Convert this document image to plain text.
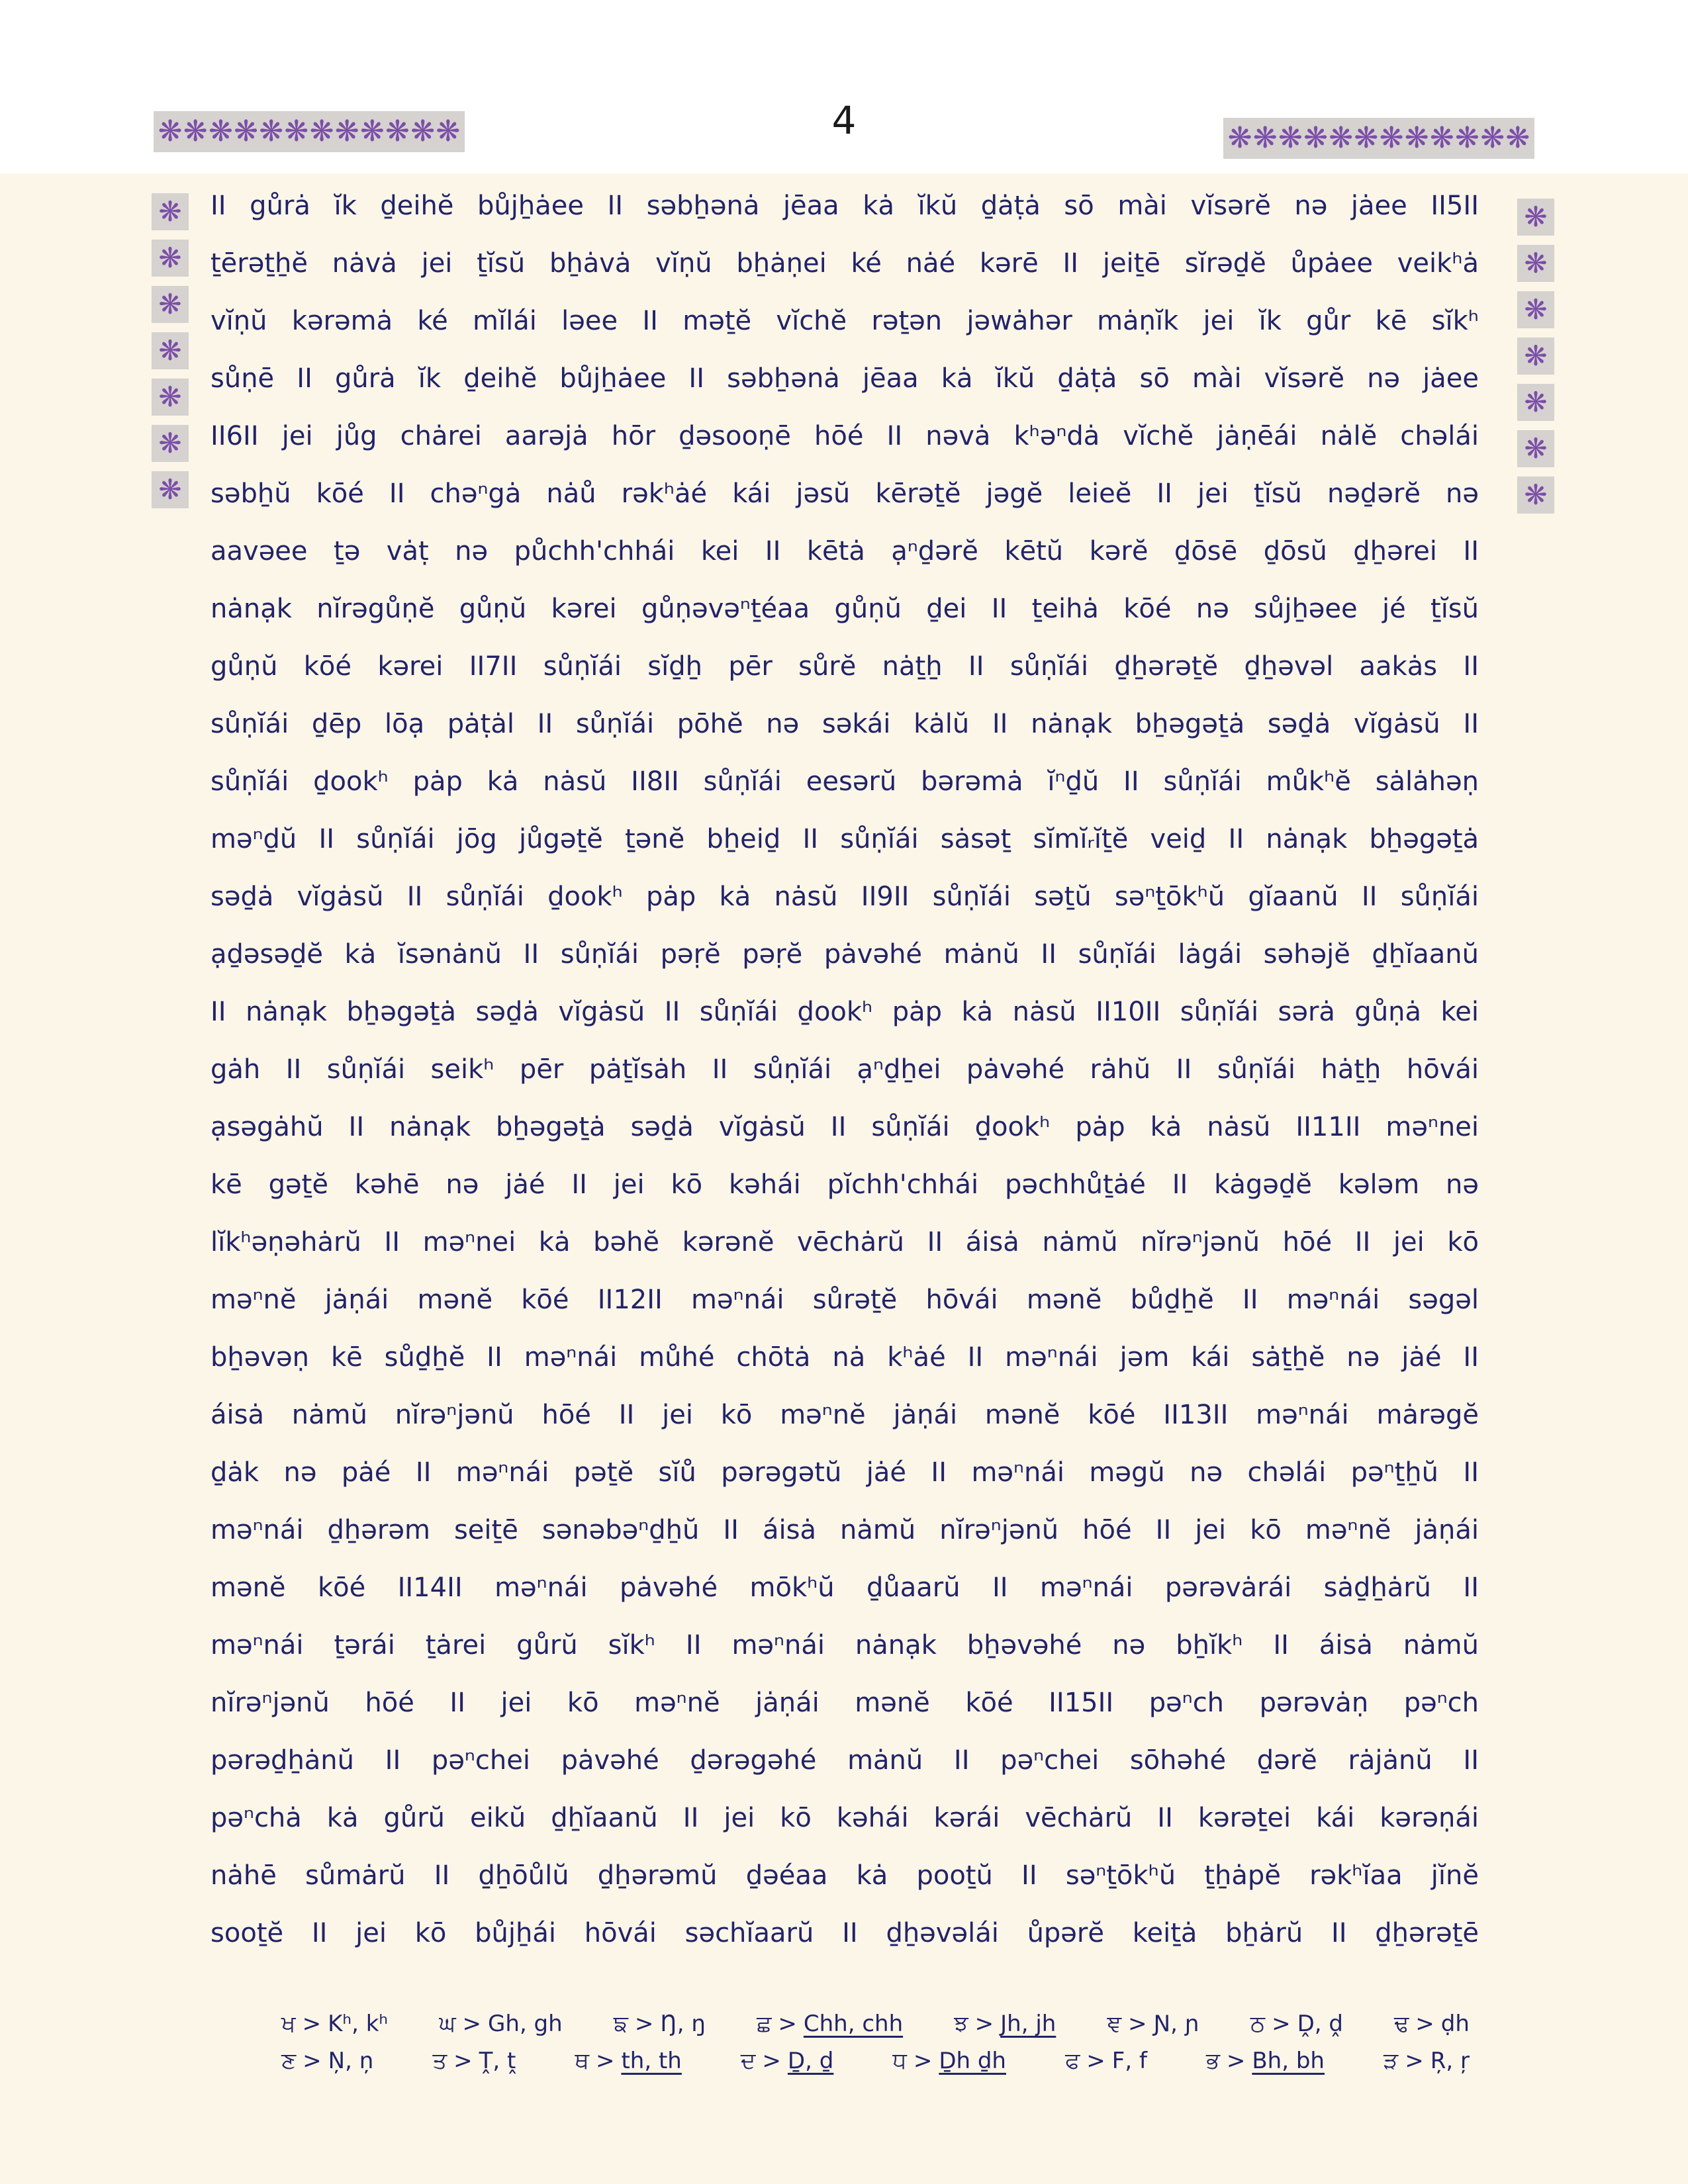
❋ ❋ ❋ ❋ ❋ ❋ ❋ ❋ ❋ ❋ ❋ ❋	❋ ❋ ❋ ❋ ❋ ❋ ❋ ❋ ❋ ❋ ❋ ❋
❋
❋
❋
❋
❋
❋
❋
❋
❋
❋
❋
❋
❋
❋
4
II gůrȧ ĭk ḏeihĕ bůjẖȧee II səbẖənȧ jēaa kȧ ĭkŭ ḏȧṭȧ sō mài vĭsərĕ nə jȧee II5II
ṯērəṯẖĕ nȧvȧ jei ṯĭsŭ bẖȧvȧ vĭṇŭ bẖȧṇei ké nȧé kərē II jeiṯē sĭrəḏĕ ůpȧee veikʰȧ
vĭṇŭ kərəmȧ ké mĭlái ləee II məṯĕ vĭchĕ rəṯən jəwȧhər mȧṇĭk jei ĭk gůr kē sĭkʰ
sůṇē II gůrȧ ĭk ḏeihĕ bůjẖȧee II səbẖənȧ jēaa kȧ ĭkŭ ḏȧṭȧ sō mài vĭsərĕ nə jȧee
II6II jei jůg chȧrei aarəjȧ hōr ḏəsooṇē hōé II nəvȧ kʰəⁿdȧ vĭchĕ jȧṇēái nȧlĕ chəlái
səbẖŭ kōé II chəⁿgȧ nȧů rəkʰȧé kái jəsŭ kērəṯĕ jəgĕ leieĕ II jei ṯĭsŭ nəḏərĕ nə
aavəee ṯə vȧṭ nə půchh'chhái kei II kētȧ ạⁿḏərĕ kētŭ kərĕ ḏōsē ḏōsŭ ḏẖərei II
nȧnạk nĭrəgůṇĕ gůṇŭ kərei gůṇəvəⁿṯéaa gůṇŭ ḏei II ṯeihȧ kōé nə sůjẖəee jé ṯĭsŭ
gůṇŭ kōé kərei II7II sůṇĭái sĭḏẖ pēr sůrĕ nȧṯẖ II sůṇĭái ḏẖərəṯĕ ḏẖəvəl aakȧs II
sůṇĭái ḏēp lōạ pȧṭȧl II sůṇĭái pōhĕ nə səkái kȧlŭ II nȧnạk bẖəgəṯȧ səḏȧ vĭgȧsŭ II
sůṇĭái ḏookʰ pȧp kȧ nȧsŭ II8II sůṇĭái eesərŭ bərəmȧ ĭⁿḏŭ II sůṇĭái můkʰĕ sȧlȧhəṇ
məⁿḏŭ II sůṇĭái jōg jůgəṯĕ ṯənĕ bẖeiḏ II sůṇĭái sȧsəṯ sĭmĭᵣĭṯĕ veiḏ II nȧnạk bẖəgəṯȧ
səḏȧ vĭgȧsŭ II sůṇĭái ḏookʰ pȧp kȧ nȧsŭ II9II sůṇĭái səṯŭ səⁿṯōkʰŭ gĭaanŭ II sůṇĭái
ạḏəsəḏĕ kȧ ĭsənȧnŭ II sůṇĭái pəṛĕ pəṛĕ pȧvəhé mȧnŭ II sůṇĭái lȧgái səhəjĕ ḏẖĭaanŭ
II nȧnạk bẖəgəṯȧ səḏȧ vĭgȧsŭ II sůṇĭái ḏookʰ pȧp kȧ nȧsŭ II10II sůṇĭái sərȧ gůṇȧ kei
gȧh II sůṇĭái seikʰ pēr pȧṯĭsȧh II sůṇĭái ạⁿḏẖei pȧvəhé rȧhŭ II sůṇĭái hȧṯẖ hōvái
ạsəgȧhŭ II nȧnạk bẖəgəṯȧ səḏȧ vĭgȧsŭ II sůṇĭái ḏookʰ pȧp kȧ nȧsŭ II11II məⁿnei
kē gəṯĕ kəhē nə jȧé II jei kō kəhái pĭchh'chhái pəchhůṯȧé II kȧgəḏĕ kələm nə
lĭkʰəṇəhȧrŭ II məⁿnei kȧ bəhĕ kərənĕ vēchȧrŭ II áisȧ nȧmŭ nĭrəⁿjənŭ hōé II jei kō
məⁿnĕ jȧṇái mənĕ kōé II12II məⁿnái sůrəṯĕ hōvái mənĕ bůḏẖĕ II məⁿnái səgəl
bẖəvəṇ kē sůḏẖĕ II məⁿnái můhé chōtȧ nȧ kʰȧé II məⁿnái jəm kái sȧṯẖĕ nə jȧé II
áisȧ nȧmŭ nĭrəⁿjənŭ hōé II jei kō məⁿnĕ jȧṇái mənĕ kōé II13II məⁿnái mȧrəgĕ
ḏȧk nə pȧé II məⁿnái pəṯĕ sĭů pərəgətŭ jȧé II məⁿnái məgŭ nə chəlái pəⁿṯẖŭ II
məⁿnái ḏẖərəm seiṯē sənəbəⁿḏẖŭ II áisȧ nȧmŭ nĭrəⁿjənŭ hōé II jei kō məⁿnĕ jȧṇái
mənĕ kōé II14II məⁿnái pȧvəhé mōkʰŭ ḏůaarŭ II məⁿnái pərəvȧrái sȧḏẖȧrŭ II
məⁿnái ṯərái ṯȧrei gůrŭ sĭkʰ II məⁿnái nȧnạk bẖəvəhé nə bẖĭkʰ II áisȧ nȧmŭ
nĭrəⁿjənŭ hōé II jei kō məⁿnĕ jȧṇái mənĕ kōé II15II pəⁿch pərəvȧṇ pəⁿch
pərəḏẖȧnŭ II pəⁿchei pȧvəhé ḏərəgəhé mȧnŭ II pəⁿchei sōhəhé ḏərĕ rȧjȧnŭ II
pəⁿchȧ kȧ gůrŭ eikŭ ḏẖĭaanŭ II jei kō kəhái kərái vēchȧrŭ II kərəṯei kái kərəṇái
nȧhē sůmȧrŭ II ḏẖōůlŭ ḏẖərəmŭ ḏəéaa kȧ pooṯŭ II səⁿṯōkʰŭ ṯẖȧpĕ rəkʰĭaa jĭnĕ
sooṯĕ II jei kō bůjẖái hōvái səchĭaarŭ II ḏẖəvəlái ůpərĕ keiṯȧ bẖȧrŭ II ḏẖərəṯē
ਖ > Kʰ, kʰ ਘ > Gh, gh ਙ > Ŋ, ŋ ਛ > Chh, chh ਝ > Jh, jh ਞ > Ɲ, ɲ ਠ > Ḓ, ḓ ਢ > ḍh
ਣ > Ņ, ņ	ਤ > Ṱ, ṱ	ਥ > th, th	ਦ > Ḏ, ḏ	ਧ > Ḏh ḏh	ਫ > F, f	ਭ > Bh, bh	ੜ > Ŗ, ŗ
